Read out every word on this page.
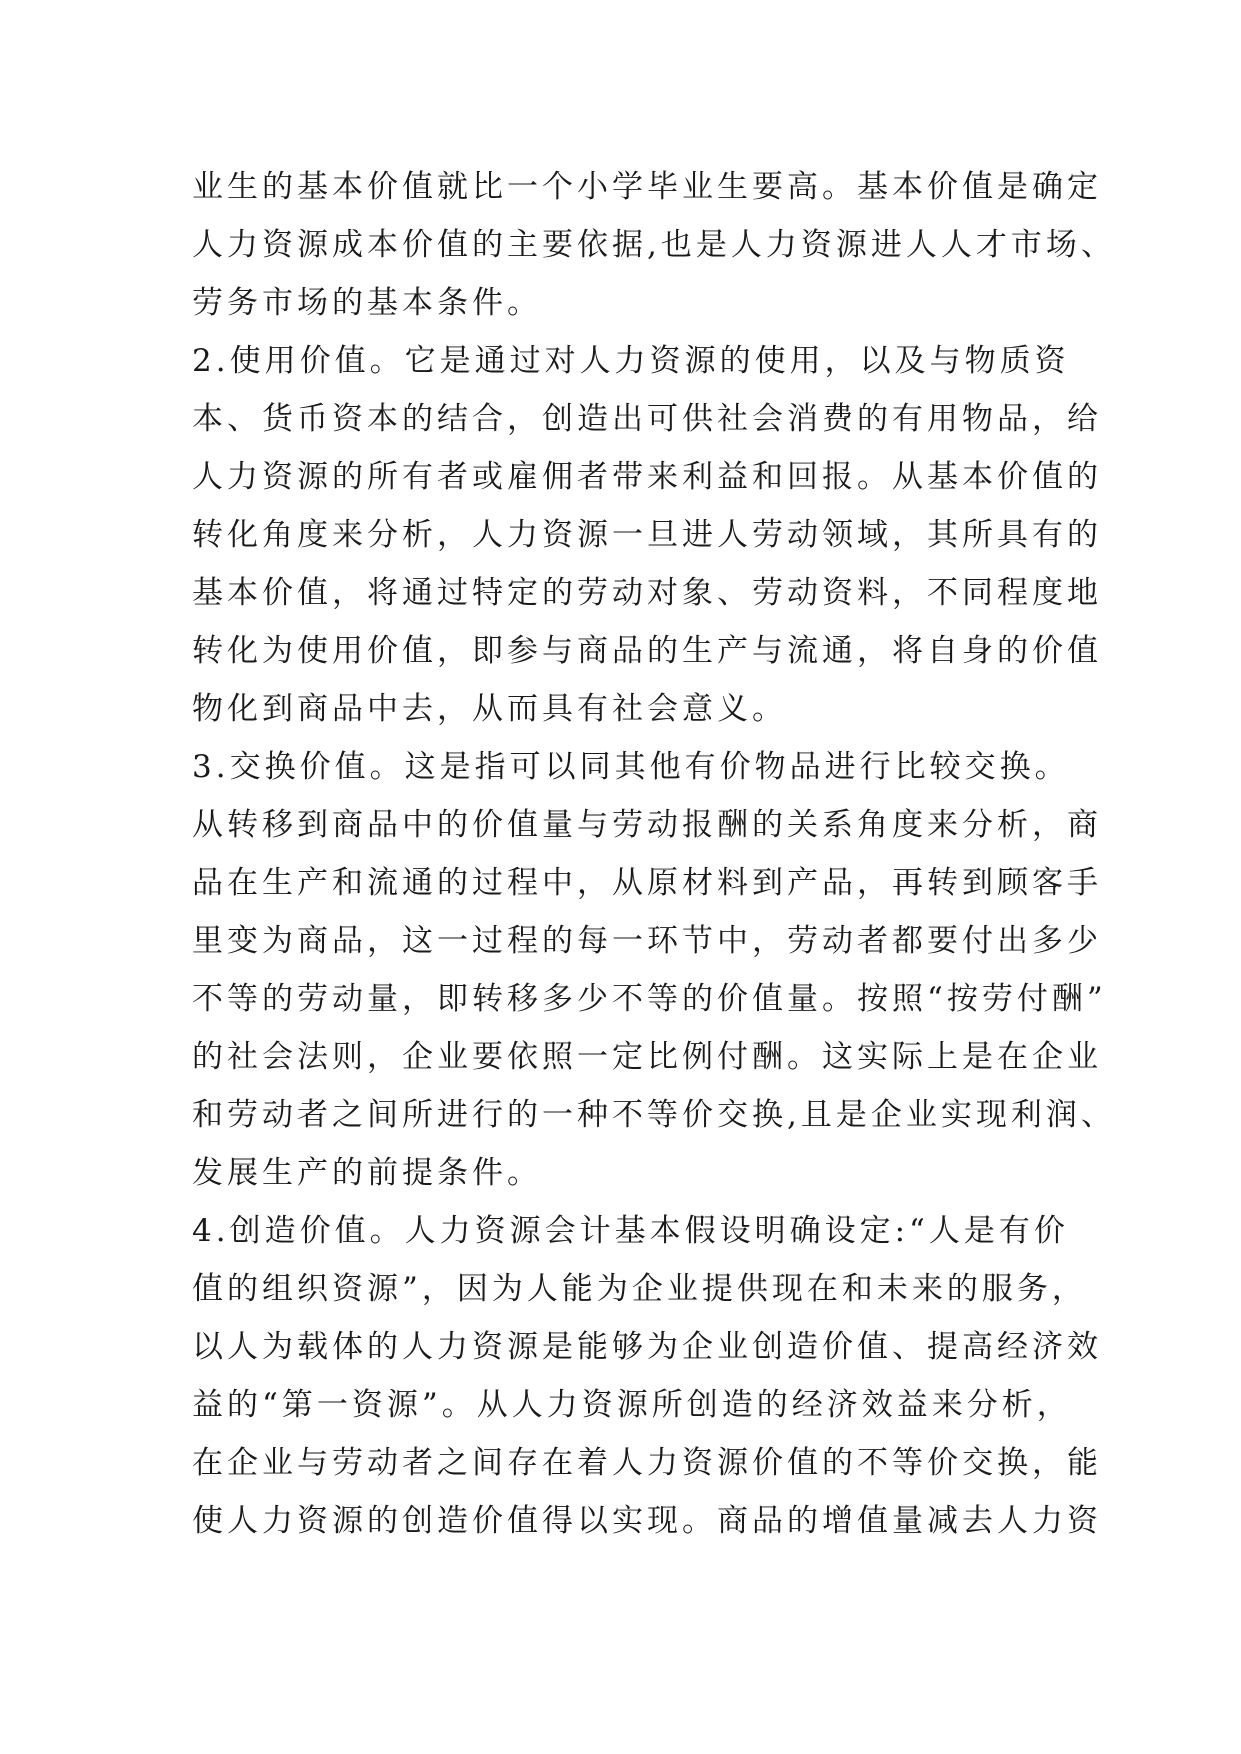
业生的基本价值就比一个小学毕业生要高。基本价值是确定
人力资源成本价值的主要依据,也是人力资源进人人才市场、
劳务市场的基本条件。
2.使用价值。它是通过对人力资源的使用，以及与物质资
本、货币资本的结合，创造出可供社会消费的有用物品，给
人力资源的所有者或雇佣者带来利益和回报。从基本价值的
转化角度来分析，人力资源一旦进人劳动领域，其所具有的
基本价值，将通过特定的劳动对象、劳动资料，不同程度地
转化为使用价值，即参与商品的生产与流通，将自身的价值
物化到商品中去，从而具有社会意义。
3.交换价值。这是指可以同其他有价物品进行比较交换。
从转移到商品中的价值量与劳动报酬的关系角度来分析，商
品在生产和流通的过程中，从原材料到产品，再转到顾客手
里变为商品，这一过程的每一环节中，劳动者都要付出多少
不等的劳动量，即转移多少不等的价值量。按照“按劳付酬”
的社会法则，企业要依照一定比例付酬。这实际上是在企业
和劳动者之间所进行的一种不等价交换,且是企业实现利润、
发展生产的前提条件。
4.创造价值。人力资源会计基本假设明确设定:“人是有价
值的组织资源”，因为人能为企业提供现在和未来的服务，
以人为载体的人力资源是能够为企业创造价值、提高经济效
益的“第一资源”。从人力资源所创造的经济效益来分析，
在企业与劳动者之间存在着人力资源价值的不等价交换，能
使人力资源的创造价值得以实现。商品的增值量减去人力资
